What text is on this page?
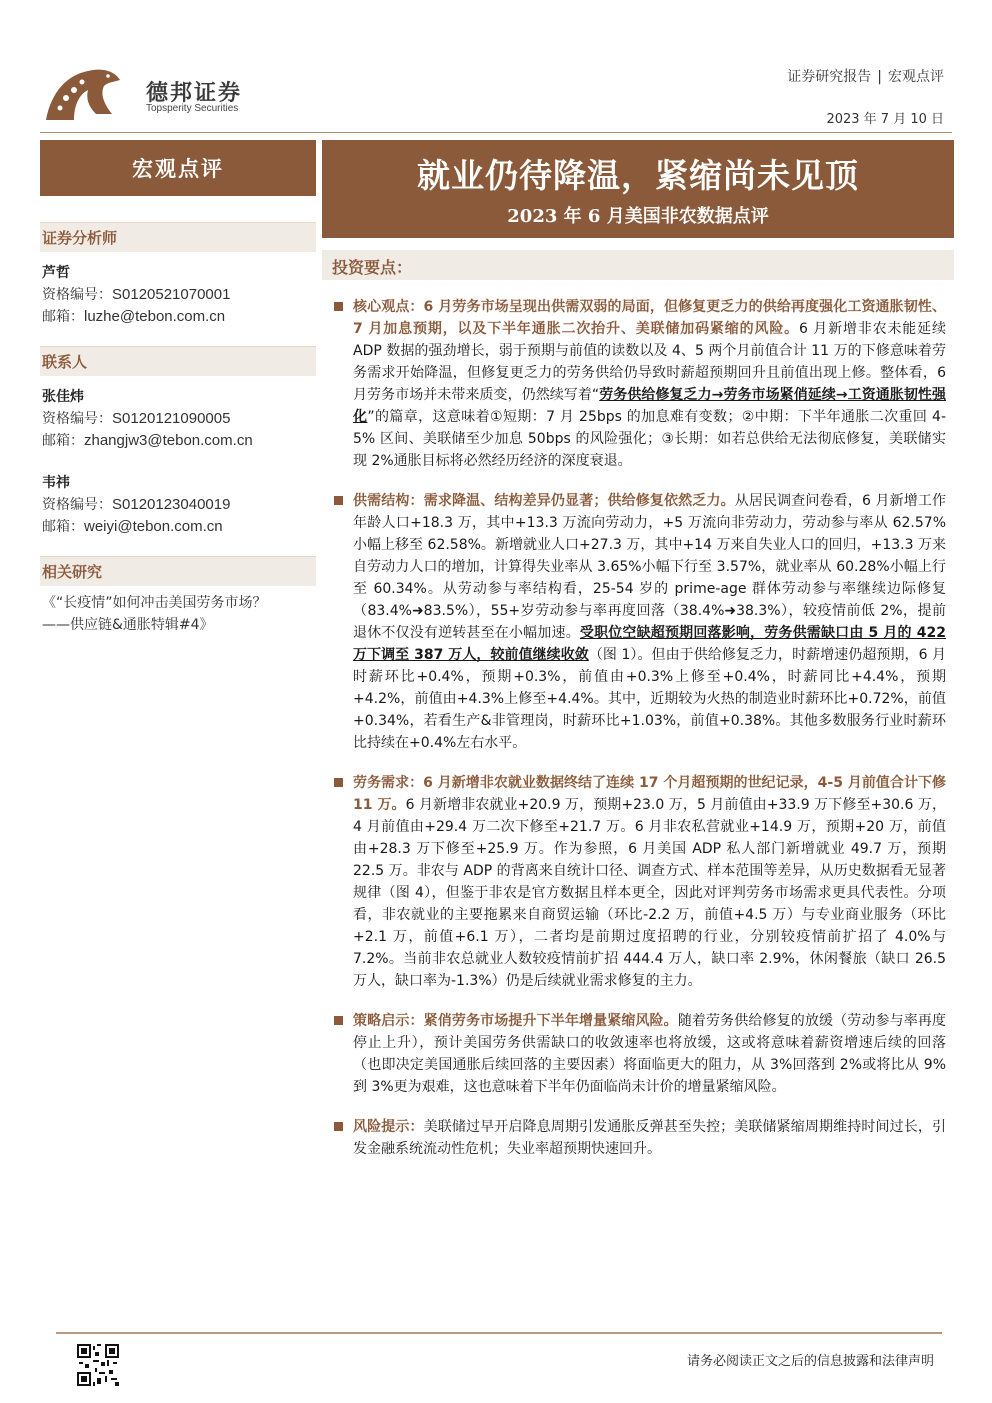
德邦证券
Topsperity Securities
证券研究报告 | 宏观点评
2023 年 7 月 10 日
宏观点评	就业仍待降温，紧缩尚未见顶
2023 年 6 月美国非农数据点评
证券分析师
芦哲
资格编号：S0120521070001
邮箱：luzhe@tebon.com.cn
联系人
张佳炜
资格编号：S0120121090005
邮箱：zhangjw3@tebon.com.cn
韦祎
资格编号：S0120123040019
邮箱：weiyi@tebon.com.cn
相关研究
《“长疫情”如何冲击美国劳务市场？
——供应链&通胀特辑#4》
投资要点：
核心观点：6 月劳务市场呈现出供需双弱的局面，但修复更乏力的供给再度强化工资通胀韧性、7 月加息预期，以及下半年通胀二次抬升、美联储加码紧缩的风险。6 月新增非农未能延续 ADP 数据的强劲增长，弱于预期与前值的读数以及 4、5 两个月前值合计 11 万的下修意味着劳务需求开始降温，但修复更乏力的劳务供给仍导致时薪超预期回升且前值出现上修。整体看，6 月劳务市场并未带来质变，仍然续写着“劳务供给修复乏力→劳务市场紧俏延续→工资通胀韧性强化”的篇章，这意味着①短期：7 月 25bps 的加息难有变数；②中期：下半年通胀二次重回 4-5% 区间、美联储至少加息 50bps 的风险强化；③长期：如若总供给无法彻底修复，美联储实现 2%通胀目标将必然经历经济的深度衰退。
供需结构：需求降温、结构差异仍显著；供给修复依然乏力。从居民调查问卷看，6 月新增工作年龄人口+18.3 万，其中+13.3 万流向劳动力，+5 万流向非劳动力，劳动参与率从 62.57%小幅上移至 62.58%。新增就业人口+27.3 万，其中+14 万来自失业人口的回归，+13.3 万来自劳动力人口的增加，计算得失业率从 3.65%小幅下行至 3.57%，就业率从 60.28%小幅上行至 60.34%。从劳动参与率结构看，25-54 岁的 prime-age 群体劳动参与率继续边际修复（83.4%➜83.5%），55+岁劳动参与率再度回落（38.4%➜38.3%），较疫情前低 2%，提前退休不仅没有逆转甚至在小幅加速。受职位空缺超预期回落影响，劳务供需缺口由 5 月的 422 万下调至 387 万人，较前值继续收敛（图 1）。但由于供给修复乏力，时薪增速仍超预期，6 月时薪环比+0.4%，预期+0.3%，前值由+0.3%上修至+0.4%，时薪同比+4.4%，预期+4.2%，前值由+4.3%上修至+4.4%。其中，近期较为火热的制造业时薪环比+0.72%，前值+0.34%，若看生产&非管理岗，时薪环比+1.03%，前值+0.38%。其他多数服务行业时薪环比持续在+0.4%左右水平。
劳务需求：6 月新增非农就业数据终结了连续 17 个月超预期的世纪记录，4-5 月前值合计下修 11 万。6 月新增非农就业+20.9 万，预期+23.0 万，5 月前值由+33.9 万下修至+30.6 万，4 月前值由+29.4 万二次下修至+21.7 万。6 月非农私营就业+14.9 万，预期+20 万，前值由+28.3 万下修至+25.9 万。作为参照，6 月美国 ADP 私人部门新增就业 49.7 万，预期 22.5 万。非农与 ADP 的背离来自统计口径、调查方式、样本范围等差异，从历史数据看无显著规律（图 4），但鉴于非农是官方数据且样本更全，因此对评判劳务市场需求更具代表性。分项看，非农就业的主要拖累来自商贸运输（环比-2.2 万，前值+4.5 万）与专业商业服务（环比+2.1 万，前值+6.1 万），二者均是前期过度招聘的行业，分别较疫情前扩招了 4.0%与 7.2%。当前非农总就业人数较疫情前扩招 444.4 万人，缺口率 2.9%，休闲餐旅（缺口 26.5 万人，缺口率为-1.3%）仍是后续就业需求修复的主力。
策略启示：紧俏劳务市场提升下半年增量紧缩风险。随着劳务供给修复的放缓（劳动参与率再度停止上升），预计美国劳务供需缺口的收敛速率也将放缓，这或将意味着薪资增速后续的回落（也即决定美国通胀后续回落的主要因素）将面临更大的阻力，从 3%回落到 2%或将比从 9%到 3%更为艰难，这也意味着下半年仍面临尚未计价的增量紧缩风险。
风险提示：美联储过早开启降息周期引发通胀反弹甚至失控；美联储紧缩周期维持时间过长，引发金融系统流动性危机；失业率超预期快速回升。
请务必阅读正文之后的信息披露和法律声明
